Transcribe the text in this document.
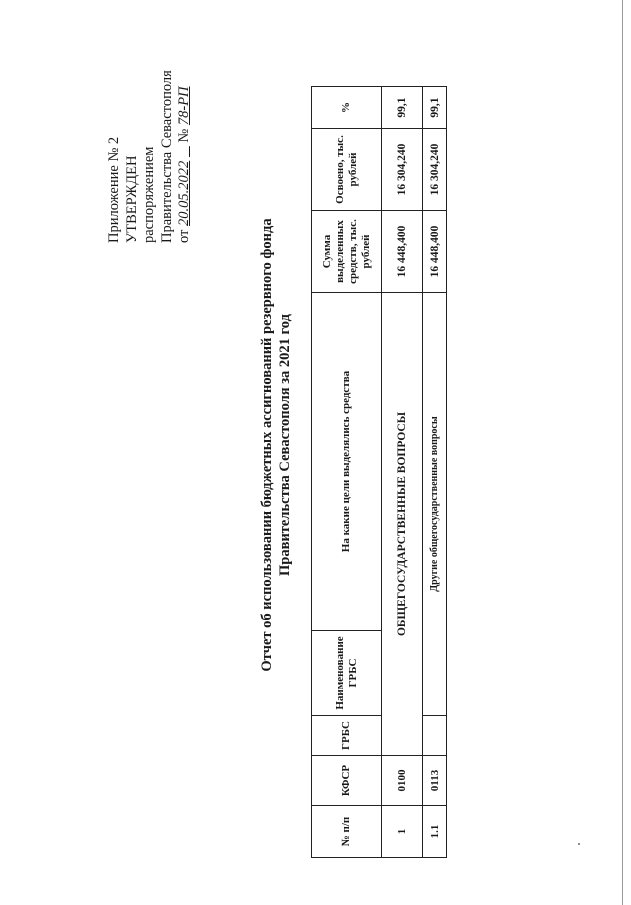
Приложение № 2 УТВЕРЖДЕН распоряжением Правительства Севастополя от 20.05.2022     № 78-РП
Отчет об использовании бюджетных ассигнований резервного фонда Правительства Севастополя за 2021 год
№ п/п	КФСР	ГРБС	Наименование ГРБС	На какие цели выделялись средства	Сумма выделенных средств, тыс. рублей	Освоено, тыс. рублей	%
1	0100	ОБЩЕГОСУДАРСТВЕННЫЕ ВОПРОСЫ			16 448,400	16 304,240	99,1
1.1	0113		Другие общегосударственные вопросы		16 448,400	16 304,240	99,1
